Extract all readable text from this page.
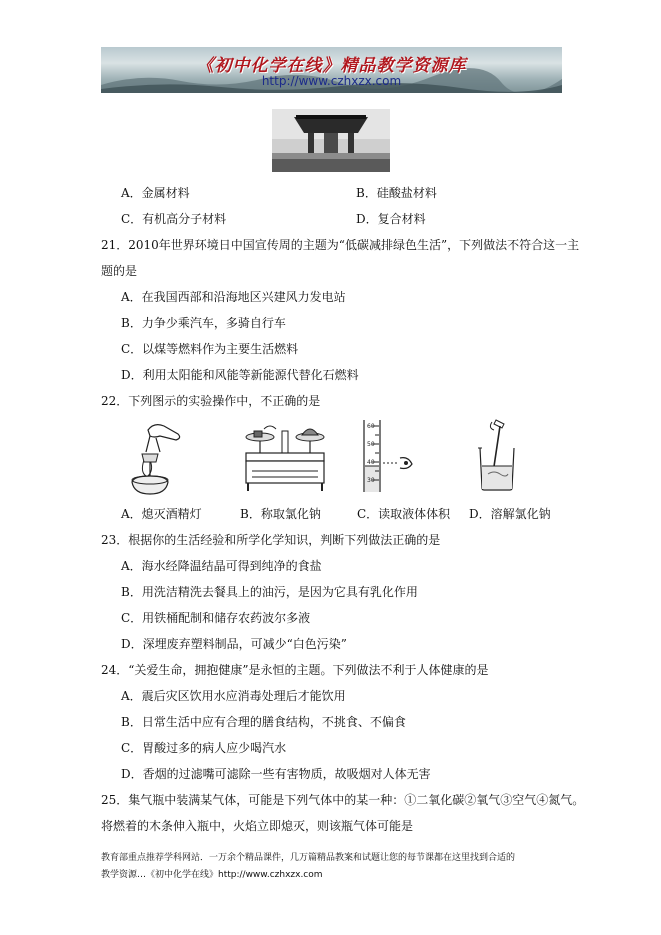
《初中化学在线》精品教学资源库
http://www.czhxzx.com
A．金属材料	B．硅酸盐材料
C．有机高分子材料	D．复合材料
21．2010年世界环境日中国宣传周的主题为“低碳减排绿色生活”，下列做法不符合这一主
题的是
A．在我国西部和沿海地区兴建风力发电站
B．力争少乘汽车，多骑自行车
C．以煤等燃料作为主要生活燃料
D．利用太阳能和风能等新能源代替化石燃料
22．下列图示的实验操作中，不正确的是
60
50
40
30
A．熄灭酒精灯	B．称取氯化钠	C．读取液体体积 D．溶解氯化钠
23．根据你的生活经验和所学化学知识，判断下列做法正确的是
A．海水经降温结晶可得到纯净的食盐
B．用洗洁精洗去餐具上的油污，是因为它具有乳化作用
C．用铁桶配制和储存农药波尔多液
D．深埋废弃塑料制品，可减少“白色污染”
24．“关爱生命，拥抱健康”是永恒的主题。下列做法不利于人体健康的是
A．震后灾区饮用水应消毒处理后才能饮用
B．日常生活中应有合理的膳食结构，不挑食、不偏食
C．胃酸过多的病人应少喝汽水
D．香烟的过滤嘴可滤除一些有害物质，故吸烟对人体无害
25．集气瓶中装满某气体，可能是下列气体中的某一种：①二氧化碳②氧气③空气④氮气。
将燃着的木条伸入瓶中，火焰立即熄灭，则该瓶气体可能是
教育部重点推荐学科网站．一万余个精品课件，几万篇精品教案和试题让您的每节课都在这里找到合适的
教学资源…《初中化学在线》http://www.czhxzx.com
